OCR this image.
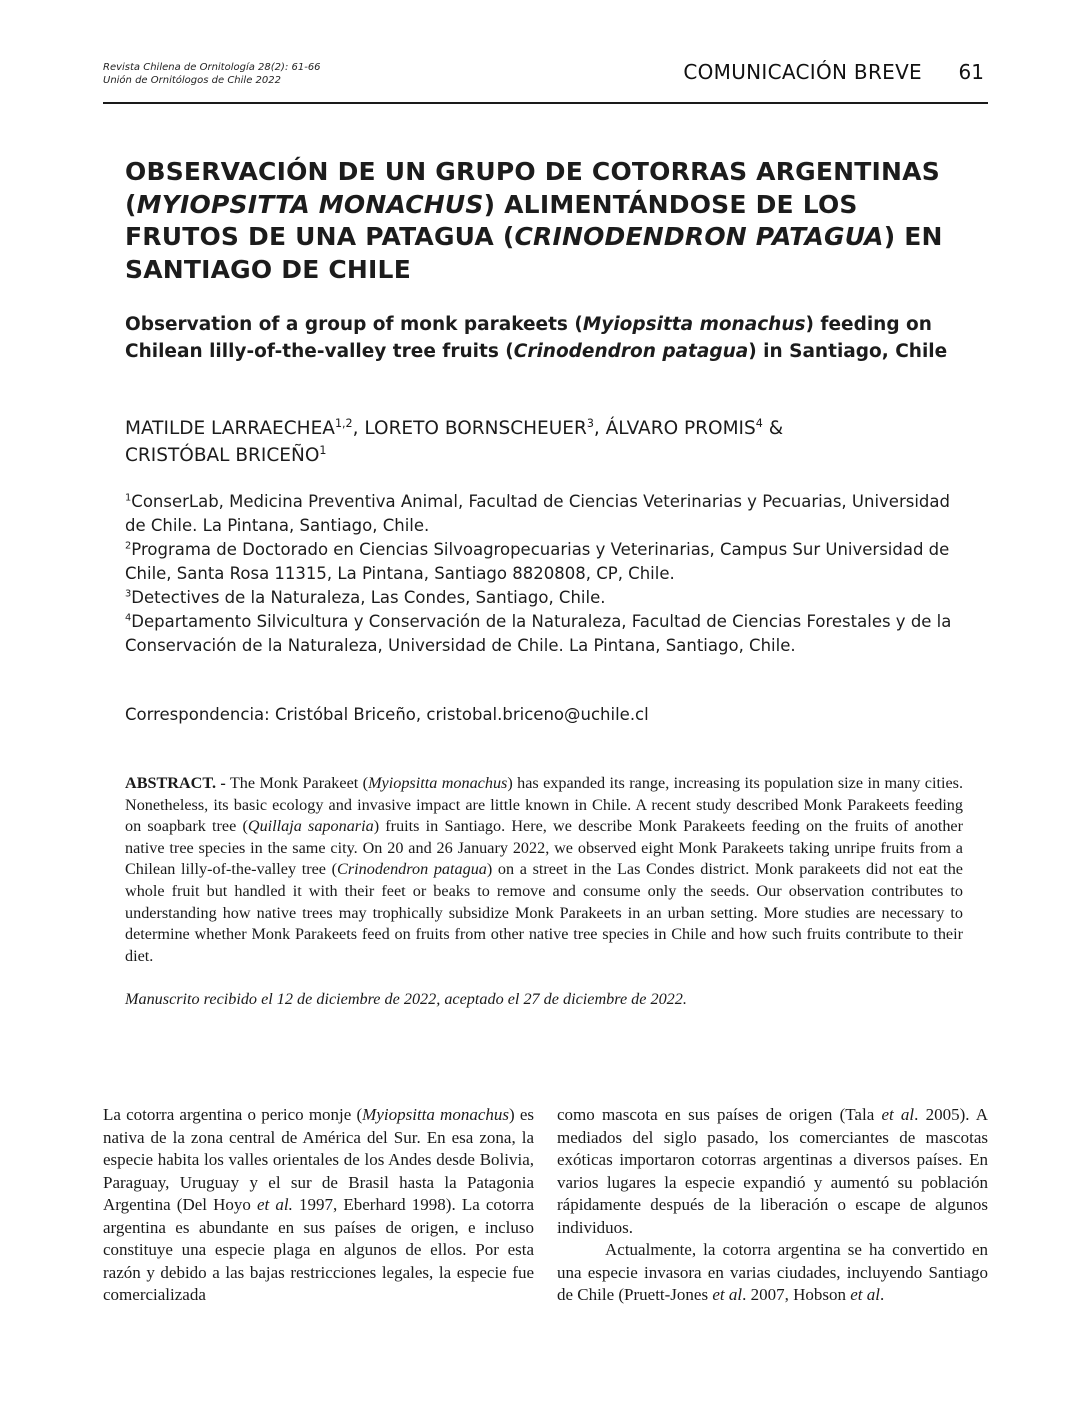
Revista Chilena de Ornitología 28(2): 61-66
Unión de Ornitólogos de Chile 2022	COMUNICACIÓN BREVE 61
OBSERVACIÓN DE UN GRUPO DE COTORRAS ARGENTINAS (MYIOPSITTA MONACHUS) ALIMENTÁNDOSE DE LOS FRUTOS DE UNA PATAGUA (CRINODENDRON PATAGUA) EN SANTIAGO DE CHILE
Observation of a group of monk parakeets (Myiopsitta monachus) feeding on Chilean lilly-of-the-valley tree fruits (Crinodendron patagua) in Santiago, Chile
MATILDE LARRAECHEA$^{1,2}$, LORETO BORNSCHEUER$^3$, ÁLVARO PROMIS$^4$ &
CRISTÓBAL BRICEÑO$^1$
$^1$ConserLab, Medicina Preventiva Animal, Facultad de Ciencias Veterinarias y Pecuarias, Universidad de Chile. La Pintana, Santiago, Chile.
$^2$Programa de Doctorado en Ciencias Silvoagropecuarias y Veterinarias, Campus Sur Universidad de Chile, Santa Rosa 11315, La Pintana, Santiago 8820808, CP, Chile.
$^3$Detectives de la Naturaleza, Las Condes, Santiago, Chile.
$^4$Departamento Silvicultura y Conservación de la Naturaleza, Facultad de Ciencias Forestales y de la Conservación de la Naturaleza, Universidad de Chile. La Pintana, Santiago, Chile.
Correspondencia: Cristóbal Briceño, cristobal.briceno@uchile.cl
ABSTRACT. - The Monk Parakeet (Myiopsitta monachus) has expanded its range, increasing its population size in many cities. Nonetheless, its basic ecology and invasive impact are little known in Chile. A recent study described Monk Parakeets feeding on soapbark tree (Quillaja saponaria) fruits in Santiago. Here, we describe Monk Parakeets feeding on the fruits of another native tree species in the same city. On 20 and 26 January 2022, we observed eight Monk Parakeets taking unripe fruits from a Chilean lilly-of-the-valley tree (Crinodendron patagua) on a street in the Las Condes district. Monk parakeets did not eat the whole fruit but handled it with their feet or beaks to remove and consume only the seeds. Our observation contributes to understanding how native trees may trophically subsidize Monk Parakeets in an urban setting. More studies are necessary to determine whether Monk Parakeets feed on fruits from other native tree species in Chile and how such fruits contribute to their diet.
Manuscrito recibido el 12 de diciembre de 2022, aceptado el 27 de diciembre de 2022.
La cotorra argentina o perico monje (Myiopsitta monachus) es nativa de la zona central de América del Sur. En esa zona, la especie habita los valles orientales de los Andes desde Bolivia, Paraguay, Uruguay y el sur de Brasil hasta la Patagonia Argentina (Del Hoyo et al. 1997, Eberhard 1998). La cotorra argentina es abundante en sus países de origen, e incluso constituye una especie plaga en algunos de ellos. Por esta razón y debido a las bajas restricciones legales, la especie fue comercializada
como mascota en sus países de origen (Tala et al. 2005). A mediados del siglo pasado, los comerciantes de mascotas exóticas importaron cotorras argentinas a diversos países. En varios lugares la especie expandió y aumentó su población rápidamente después de la liberación o escape de algunos individuos.
Actualmente, la cotorra argentina se ha convertido en una especie invasora en varias ciudades, incluyendo Santiago de Chile (Pruett-Jones et al. 2007, Hobson et al.
